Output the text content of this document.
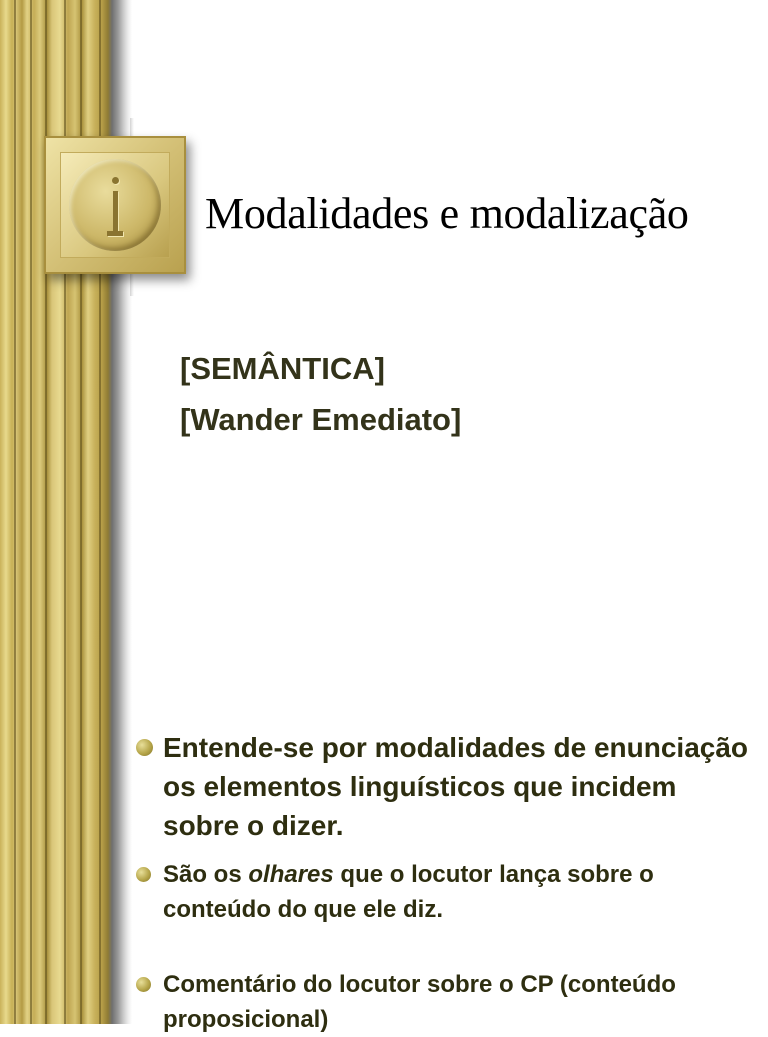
Modalidades e modalização
[SEMÂNTICA]
[Wander Emediato]
Entende-se por modalidades de enunciação os elementos linguísticos que incidem sobre o dizer.
São os olhares que o locutor lança sobre o conteúdo do que ele diz.
Comentário do locutor sobre o CP (conteúdo proposicional)
